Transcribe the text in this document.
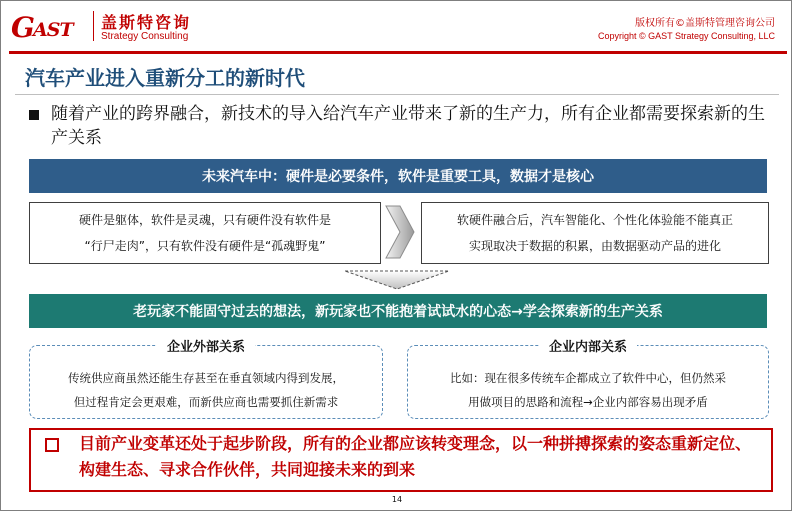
G
AST 盖斯特咨询
Strategy Consulting
版权所有©盖斯特管理咨询公司
Copyright © GAST Strategy Consulting, LLC
汽车产业进入重新分工的新时代
随着产业的跨界融合，新技术的导入给汽车产业带来了新的生产力，所有企业都需要探索新的生产关系
未来汽车中：硬件是必要条件，软件是重要工具，数据才是核心
硬件是躯体，软件是灵魂，只有硬件没有软件是
“行尸走肉”，只有软件没有硬件是“孤魂野鬼”
软硬件融合后，汽车智能化、个性化体验能不能真正
实现取决于数据的积累，由数据驱动产品的进化
老玩家不能固守过去的想法，新玩家也不能抱着试试水的心态→学会探索新的生产关系
企业外部关系
传统供应商虽然还能生存甚至在垂直领域内得到发展，
但过程肯定会更艰难，而新供应商也需要抓住新需求
企业内部关系
比如：现在很多传统车企都成立了软件中心，但仍然采
用做项目的思路和流程→企业内部容易出现矛盾
目前产业变革还处于起步阶段，所有的企业都应该转变理念，以一种拼搏探索的姿态重新定位、构建生态、寻求合作伙伴，共同迎接未来的到来
14
